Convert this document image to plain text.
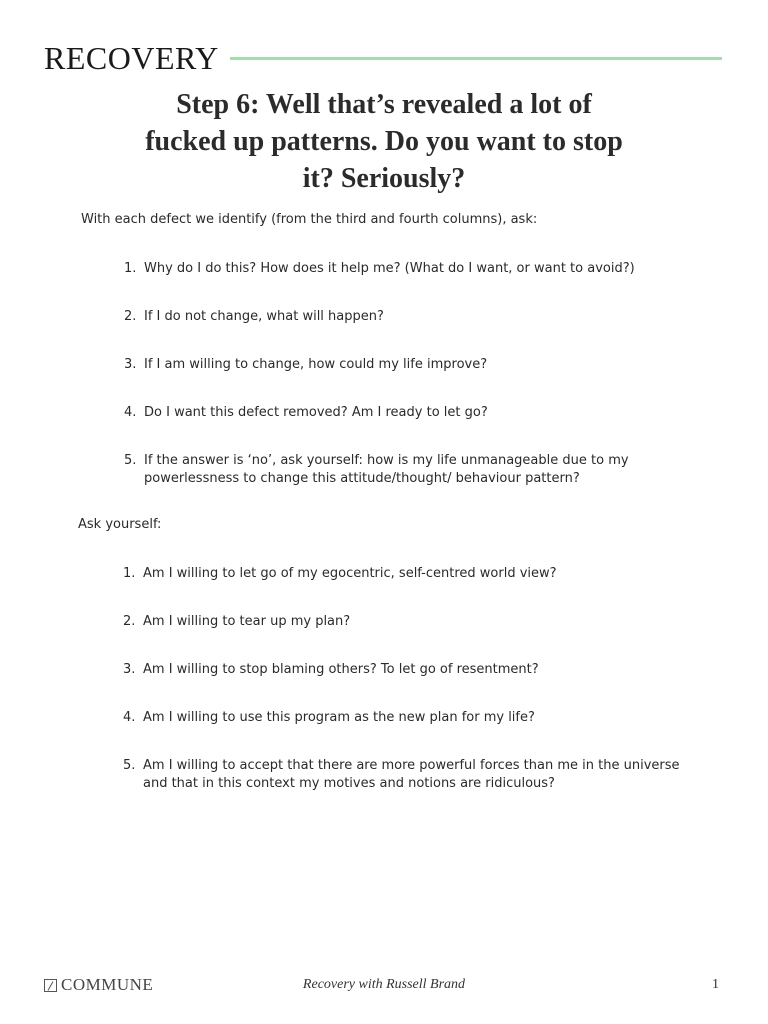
RECOVERY
Step 6: Well that’s revealed a lot of
fucked up patterns. Do you want to stop
it? Seriously?
With each defect we identify (from the third and fourth columns), ask:
1. Why do I do this? How does it help me? (What do I want, or want to avoid?)
2. If I do not change, what will happen?
3. If I am willing to change, how could my life improve?
4. Do I want this defect removed? Am I ready to let go?
5. If the answer is ‘no’, ask yourself: how is my life unmanageable due to my powerlessness to change this attitude/thought/ behaviour pattern?
Ask yourself:
1. Am I willing to let go of my egocentric, self-centred world view?
2. Am I willing to tear up my plan?
3. Am I willing to stop blaming others? To let go of resentment?
4. Am I willing to use this program as the new plan for my life?
5. Am I willing to accept that there are more powerful forces than me in the universe and that in this context my motives and notions are ridiculous?
COMMUNE	Recovery with Russell Brand	1
